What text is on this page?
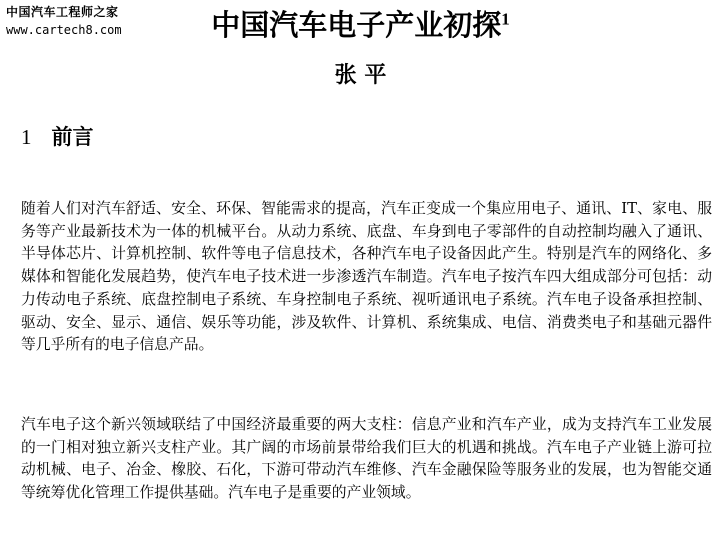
中国汽车工程师之家
www.cartech8.com	中国汽车电子产业初探$^1$
张 平
1 前言

随着人们对汽车舒适、安全、环保、智能需求的提高，汽车正变成一个集应用电子、通讯、IT、家电、服务等产业最新技术为一体的机械平台。从动力系统、底盘、车身到电子零部件的自动控制均融入了通讯、半导体芯片、计算机控制、软件等电子信息技术，各种汽车电子设备因此产生。特别是汽车的网络化、多媒体和智能化发展趋势，使汽车电子技术进一步渗透汽车制造。汽车电子按汽车四大组成部分可包括：动力传动电子系统、底盘控制电子系统、车身控制电子系统、视听通讯电子系统。汽车电子设备承担控制、驱动、安全、显示、通信、娱乐等功能，涉及软件、计算机、系统集成、电信、消费类电子和基础元器件等几乎所有的电子信息产品。

汽车电子这个新兴领域联结了中国经济最重要的两大支柱：信息产业和汽车产业，成为支持汽车工业发展的一门相对独立新兴支柱产业。其广阔的市场前景带给我们巨大的机遇和挑战。汽车电子产业链上游可拉动机械、电子、冶金、橡胶、石化，下游可带动汽车维修、汽车金融保险等服务业的发展，也为智能交通等统筹优化管理工作提供基础。汽车电子是重要的产业领域。
